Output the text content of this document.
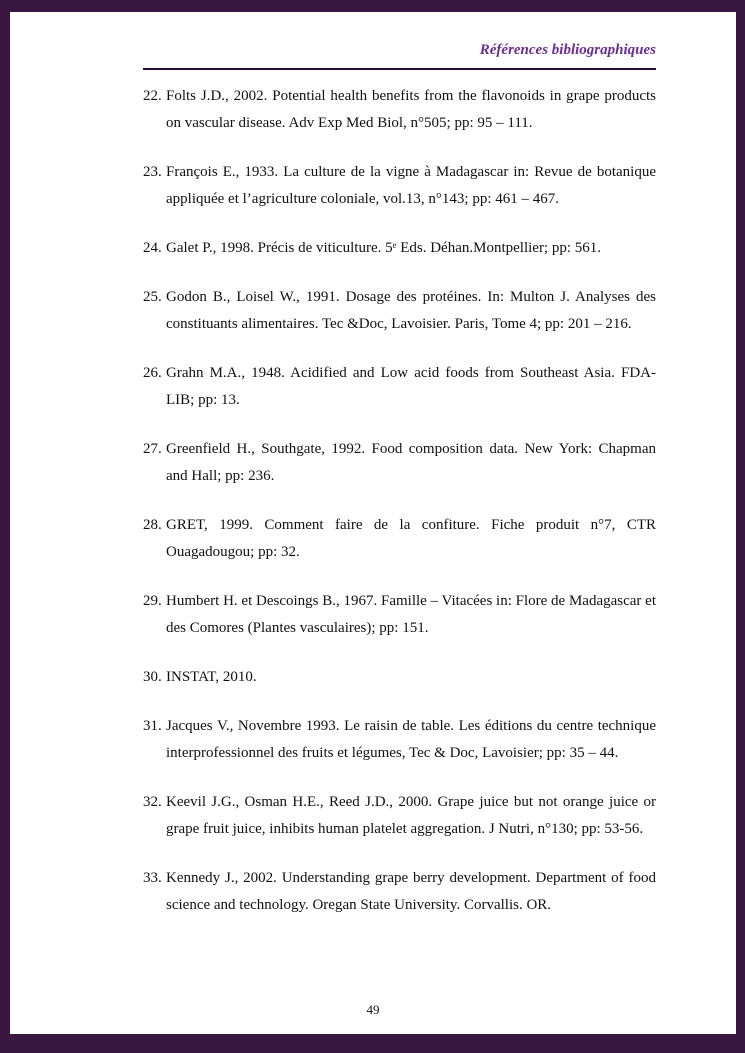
Références bibliographiques
22. Folts J.D., 2002. Potential health benefits from the flavonoids in grape products on vascular disease. Adv Exp Med Biol, n°505; pp: 95 – 111.
23. François E., 1933. La culture de la vigne à Madagascar in: Revue de botanique appliquée et l’agriculture coloniale, vol.13, n°143; pp: 461 – 467.
24. Galet P., 1998. Précis de viticulture. 5ᵉ Eds. Déhan.Montpellier; pp: 561.
25. Godon B., Loisel W., 1991. Dosage des protéines. In: Multon J. Analyses des constituants alimentaires. Tec &Doc, Lavoisier. Paris, Tome 4; pp: 201 – 216.
26. Grahn M.A., 1948. Acidified and Low acid foods from Southeast Asia. FDA-LIB; pp: 13.
27. Greenfield H., Southgate, 1992. Food composition data. New York: Chapman and Hall; pp: 236.
28. GRET, 1999. Comment faire de la confiture. Fiche produit n°7, CTR Ouagadougou; pp: 32.
29. Humbert H. et Descoings B., 1967. Famille – Vitacées in: Flore de Madagascar et des Comores (Plantes vasculaires); pp: 151.
30. INSTAT, 2010.
31. Jacques V., Novembre 1993. Le raisin de table. Les éditions du centre technique interprofessionnel des fruits et légumes, Tec & Doc, Lavoisier; pp: 35 – 44.
32. Keevil J.G., Osman H.E., Reed J.D., 2000. Grape juice but not orange juice or grape fruit juice, inhibits human platelet aggregation. J Nutri, n°130; pp: 53-56.
33. Kennedy J., 2002. Understanding grape berry development. Department of food science and technology. Oregan State University. Corvallis. OR.
49
